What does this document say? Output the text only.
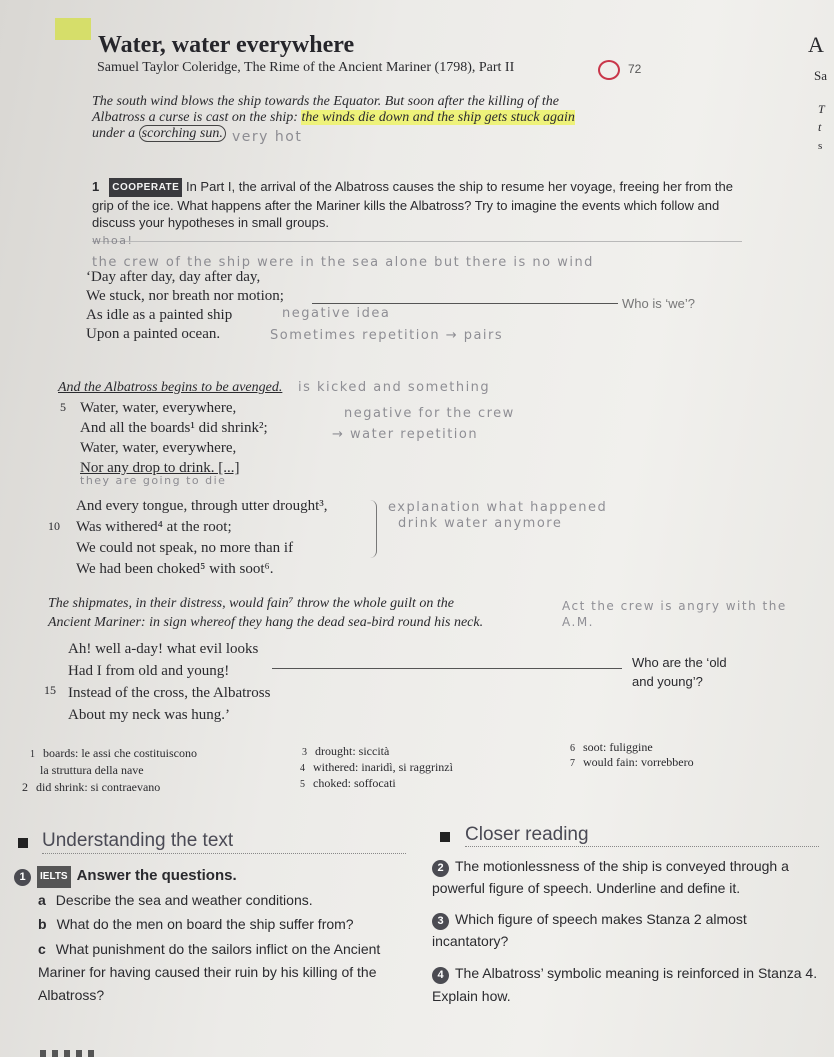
Water, water everywhere
Samuel Taylor Coleridge, The Rime of the Ancient Mariner (1798), Part II	72
A
Sa
T
t
s
The south wind blows the ship towards the Equator. But soon after the killing of the Albatross a curse is cast on the ship: the winds die down and the ship gets stuck again
under a scorching sun. very hot
1 COOPERATE In Part I, the arrival of the Albatross causes the ship to resume her voyage, freeing her from the grip of the ice. What happens after the Mariner kills the Albatross? Try to imagine the events which follow and discuss your hypotheses in small groups.
whoa!
the crew of the ship were in the sea alone but there is no wind
‘Day after day, day after day,
We stuck, nor breath nor motion;
As idle as a painted ship
Upon a painted ocean.
Who is ‘we’?
negative idea
Sometimes repetition → pairs
And the Albatross begins to be avenged. is kicked and something
5 Water, water, everywhere,
And all the boards¹ did shrink²;
Water, water, everywhere,
Nor any drop to drink. [...]
negative for the crew
→ water repetition
they are going to die
10
And every tongue, through utter drought³,
Was withered⁴ at the root;
We could not speak, no more than if
We had been choked⁵ with soot⁶.
explanation what happened
drink water anymore
The shipmates, in their distress, would fain⁷ throw the whole guilt on the
Ancient Mariner: in sign whereof they hang the dead sea-bird round his neck.
Act the crew is angry with the A.M.
15
Ah! well a-day! what evil looks
Had I from old and young!
Instead of the cross, the Albatross
About my neck was hung.’
Who are the ‘old
and young’?
1 boards: le assi che costituiscono
la struttura della nave
2 did shrink: si contraevano
3 drought: siccità
4 withered: inaridì, si raggrinzì
5 choked: soffocati
6 soot: fuliggine
7 would fain: vorrebbero
Understanding the text
1 IELTS Answer the questions.
a Describe the sea and weather conditions.
b What do the men on board the ship suffer from?
c What punishment do the sailors inflict on the Ancient Mariner for having caused their ruin by his killing of the Albatross?
Closer reading
2 The motionlessness of the ship is conveyed through a powerful figure of speech. Underline and define it.
3 Which figure of speech makes Stanza 2 almost incantatory?
4 The Albatross’ symbolic meaning is reinforced in Stanza 4. Explain how.
